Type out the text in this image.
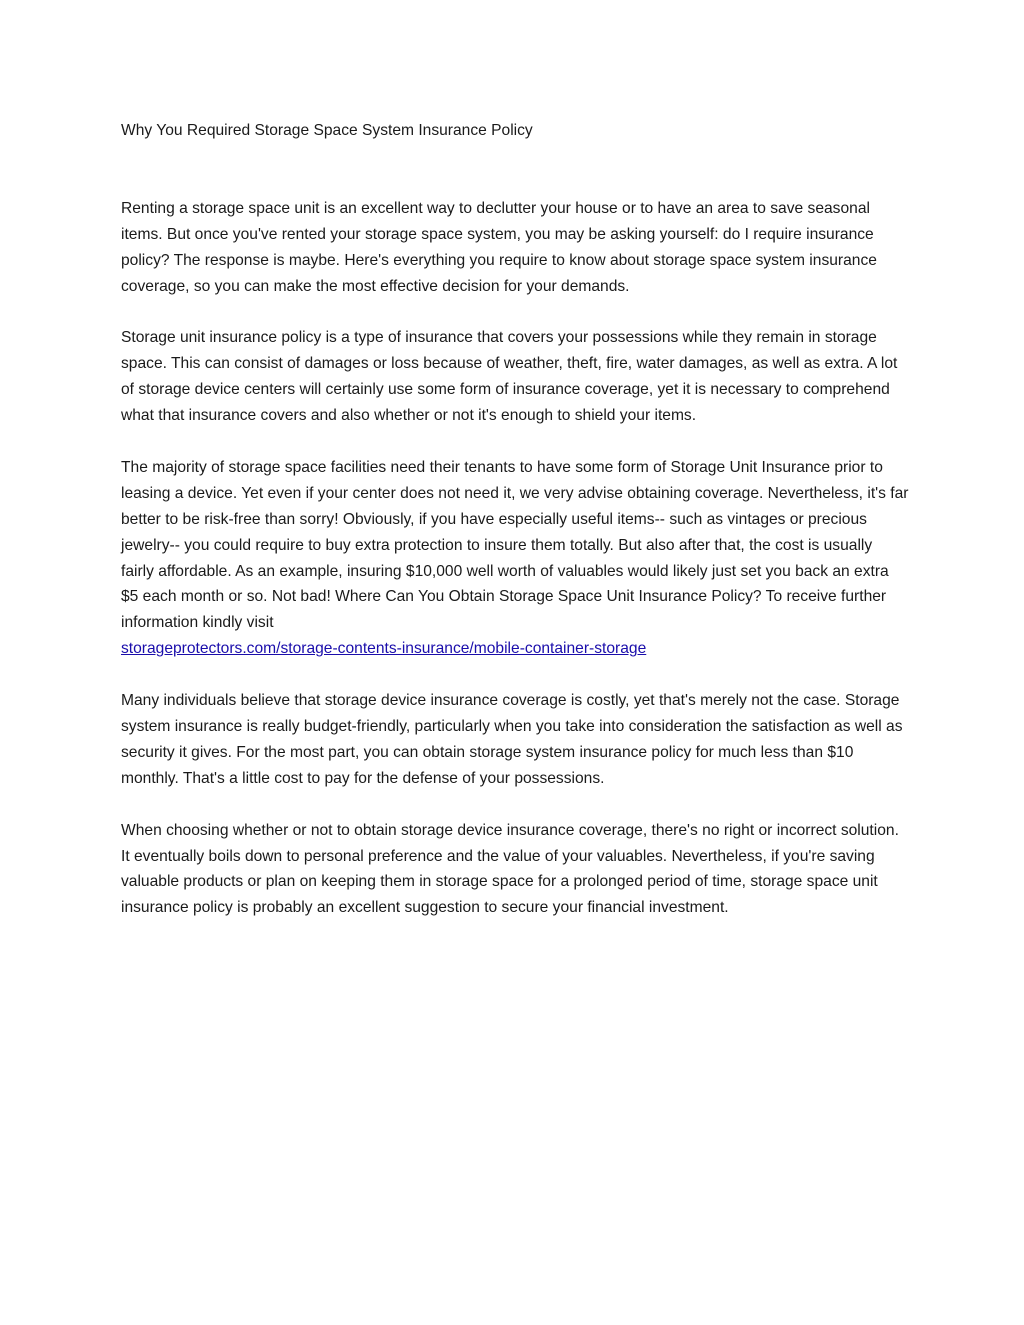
Why You Required Storage Space System Insurance Policy

Renting a storage space unit is an excellent way to declutter your house or to have an area to save seasonal items. But once you've rented your storage space system, you may be asking yourself: do I require insurance policy? The response is maybe. Here's everything you require to know about storage space system insurance coverage, so you can make the most effective decision for your demands.

Storage unit insurance policy is a type of insurance that covers your possessions while they remain in storage space. This can consist of damages or loss because of weather, theft, fire, water damages, as well as extra. A lot of storage device centers will certainly use some form of insurance coverage, yet it is necessary to comprehend what that insurance covers and also whether or not it's enough to shield your items.

The majority of storage space facilities need their tenants to have some form of Storage Unit Insurance prior to leasing a device. Yet even if your center does not need it, we very advise obtaining coverage. Nevertheless, it's far better to be risk-free than sorry! Obviously, if you have especially useful items-- such as vintages or precious jewelry-- you could require to buy extra protection to insure them totally. But also after that, the cost is usually fairly affordable. As an example, insuring $10,000 well worth of valuables would likely just set you back an extra $5 each month or so. Not bad! Where Can You Obtain Storage Space Unit Insurance Policy? To receive further information kindly visit
storageprotectors.com/storage-contents-insurance/mobile-container-storage

Many individuals believe that storage device insurance coverage is costly, yet that's merely not the case. Storage system insurance is really budget-friendly, particularly when you take into consideration the satisfaction as well as security it gives. For the most part, you can obtain storage system insurance policy for much less than $10 monthly. That's a little cost to pay for the defense of your possessions.

When choosing whether or not to obtain storage device insurance coverage, there's no right or incorrect solution. It eventually boils down to personal preference and the value of your valuables. Nevertheless, if you're saving valuable products or plan on keeping them in storage space for a prolonged period of time, storage space unit insurance policy is probably an excellent suggestion to secure your financial investment.
